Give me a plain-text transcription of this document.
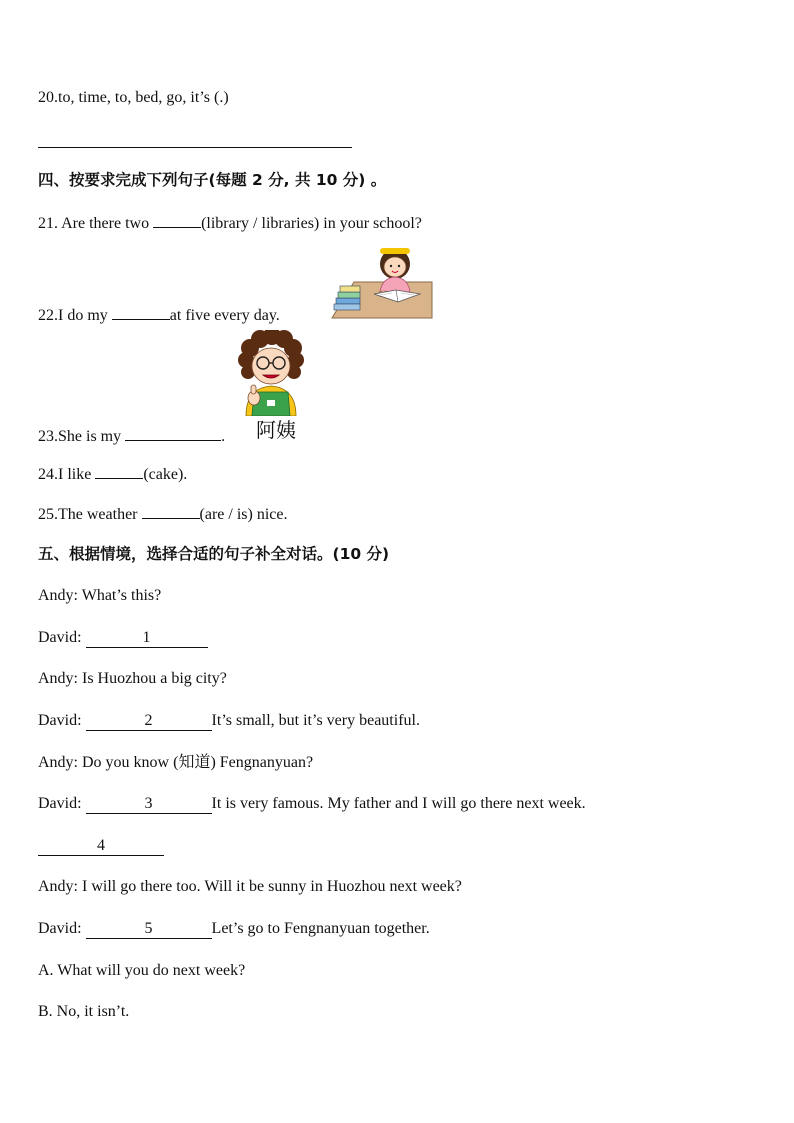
20.to, time, to, bed, go, it’s (.)
四、按要求完成下列句子(每题 2 分, 共 10 分) 。
21. Are there two	(library / libraries) in your school?
22.I do my	at five every day.
23.She is my	. 阿姨
24.I like	(cake).
25.The weather	(are / is) nice.
五、根据情境，选择合适的句子补全对话。(10 分)
Andy: What’s this?
David:	1
Andy: Is Huozhou a big city?
David:	2	It’s small, but it’s very beautiful.
Andy: Do you know (知道) Fengnanyuan?
David:	3	It is very famous. My father and I will go there next week.
4
Andy: I will go there too. Will it be sunny in Huozhou next week?
David:	5	Let’s go to Fengnanyuan together.
A. What will you do next week?
B. No, it isn’t.
